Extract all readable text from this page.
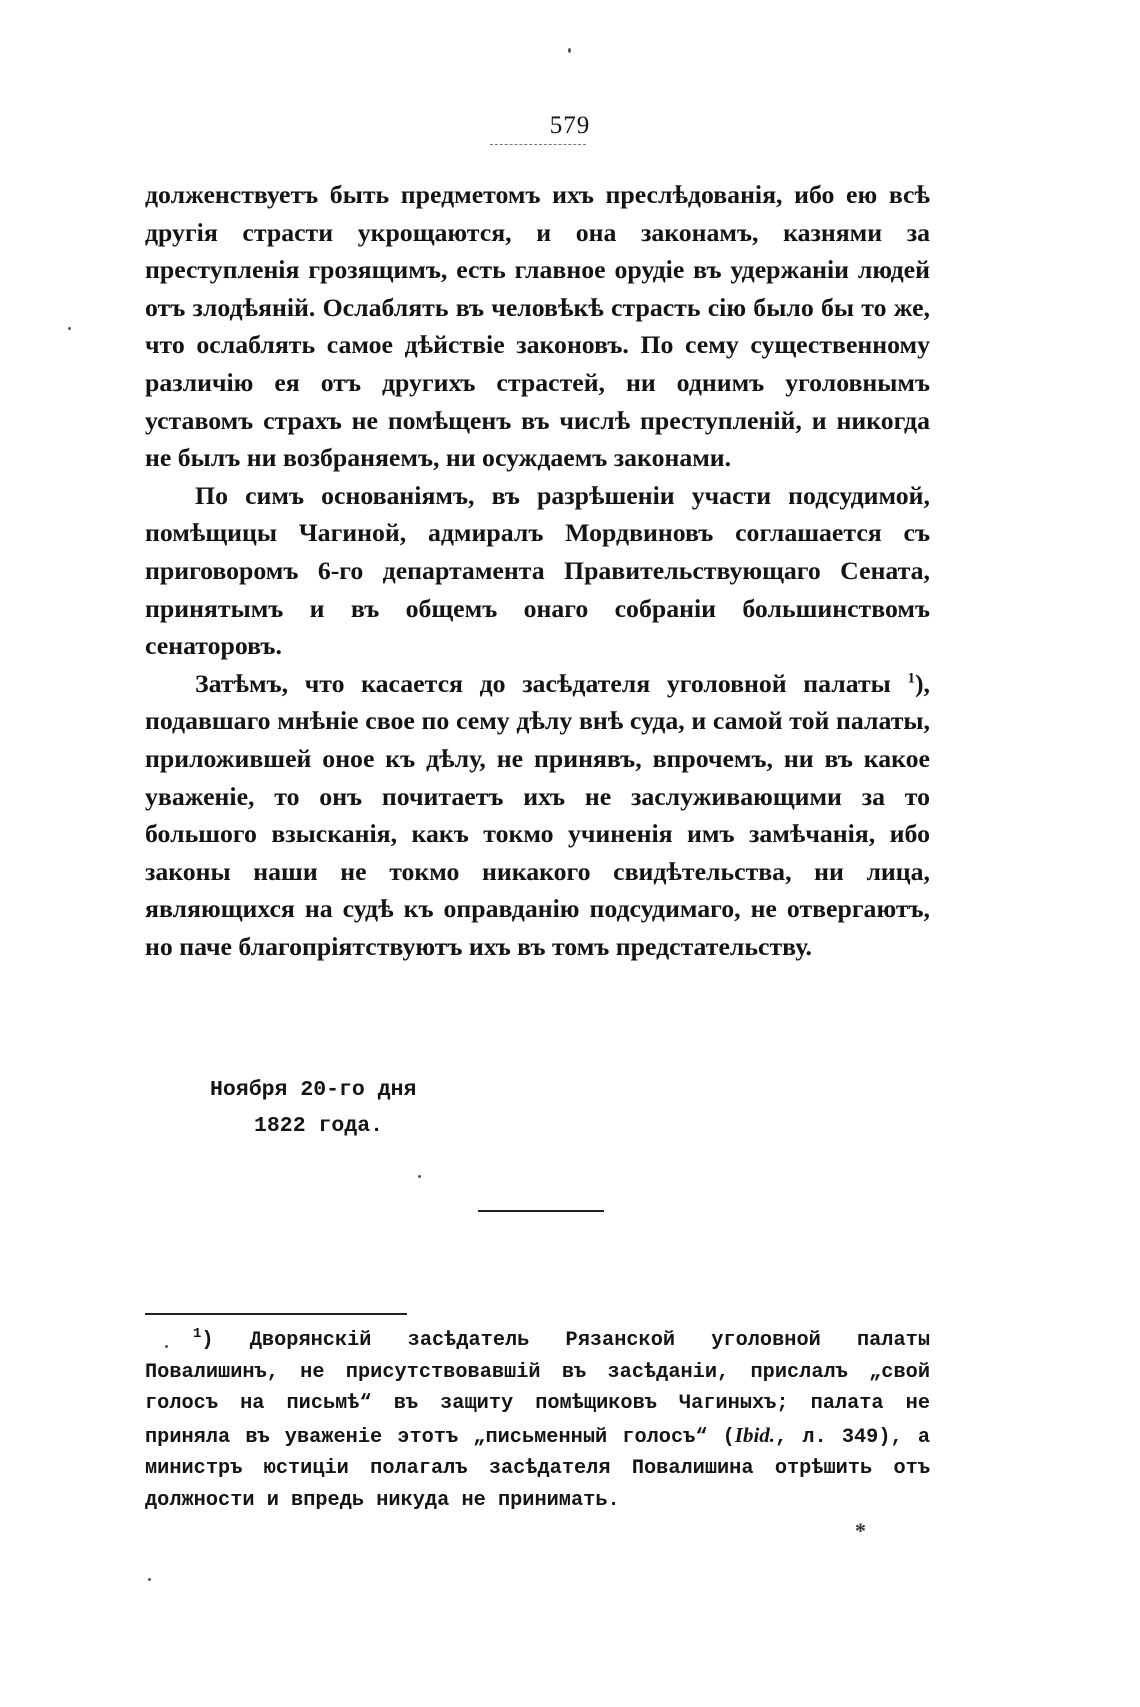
579

долженствуетъ быть предметомъ ихъ преслѣдованія, ибо ею всѣ другія страсти укрощаются, и она законамъ, казнями за преступленія грозящимъ, есть главное орудіе въ удержаніи людей отъ злодѣяній. Ослаблять въ человѣкѣ страсть сію было бы то же, что ослаблять самое дѣйствіе законовъ. По сему существенному различію ея отъ другихъ страстей, ни однимъ уголовнымъ уставомъ страхъ не помѣщенъ въ числѣ преступленій, и никогда не былъ ни возбраняемъ, ни осуждаемъ законами.

По симъ основаніямъ, въ разрѣшеніи участи подсудимой, помѣщицы Чагиной, адмиралъ Мордвиновъ соглашается съ приговоромъ 6-го департамента Правительствующаго Сената, принятымъ и въ общемъ онаго собраніи большинствомъ сенаторовъ.

Затѣмъ, что касается до засѣдателя уголовной палаты $^1$), подавшаго мнѣніе свое по сему дѣлу внѣ суда, и самой той палаты, приложившей оное къ дѣлу, не принявъ, впрочемъ, ни въ какое уваженіе, то онъ почитаетъ ихъ не заслуживающими за то большого взысканія, какъ токмо учиненія имъ замѣчанія, ибо законы наши не токмо никакого свидѣтельства, ни лица, являющихся на судѣ къ оправданію подсудимаго, не отвергаютъ, но паче благопріятствуютъ ихъ въ томъ предстательству.

Ноября 20-го дня
1822 года.

$^1$) Дворянскій засѣдатель Рязанской уголовной палаты Повалишинъ, не присутствовавшій въ засѣданіи, прислалъ „свой голосъ на письмѣ“ въ защиту помѣщиковъ Чагиныхъ; палата не приняла въ уваженіе этотъ „письменный голосъ“ (Ibid., л. 349), а министръ юстиціи полагалъ засѣдателя Повалишина отрѣшить отъ должности и впредь никуда не принимать.

*
